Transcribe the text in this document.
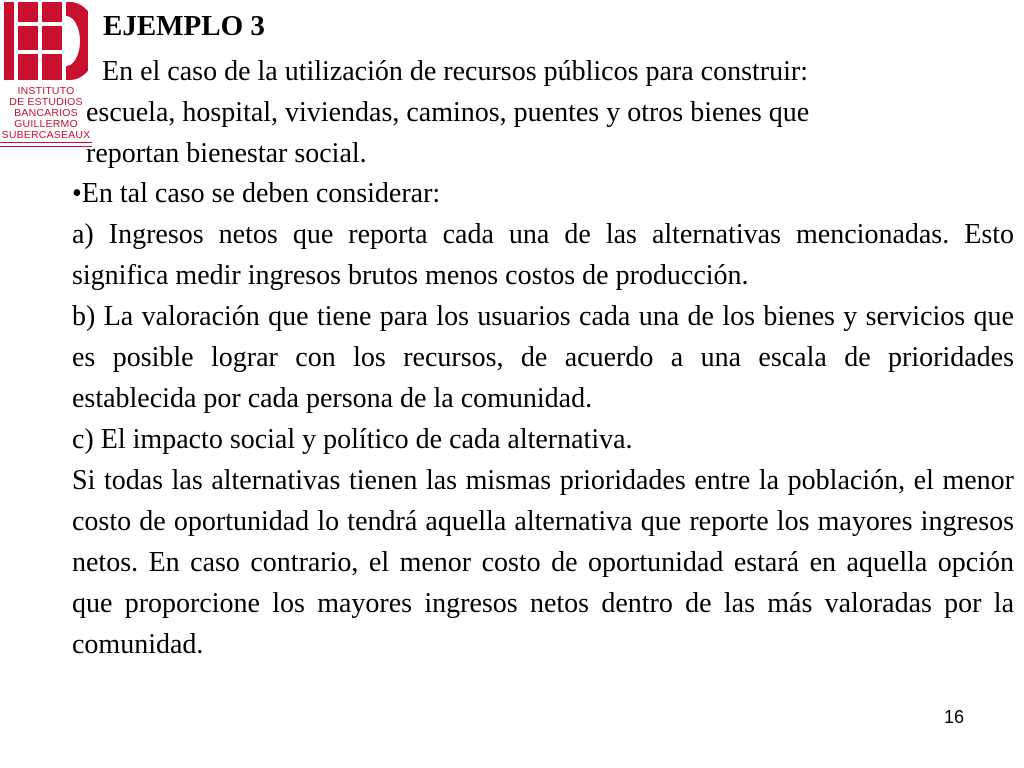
INSTITUTO
DE ESTUDIOS
BANCARIOS
GUILLERMO
SUBERCASEAUX
EJEMPLO 3

En el caso de la utilización de recursos públicos para construir:

escuela, hospital, viviendas, caminos, puentes y otros bienes que

reportan bienestar social.

•En tal caso se deben considerar:

a) Ingresos netos que reporta cada una de las alternativas mencionadas. Esto significa medir ingresos brutos menos costos de producción.

b) La valoración que tiene para los usuarios cada una de los bienes y servicios que es posible lograr con los recursos, de acuerdo a una escala de prioridades establecida por cada persona de la comunidad.

c) El impacto social y político de cada alternativa.

Si todas las alternativas tienen las mismas prioridades entre la población, el menor costo de oportunidad lo tendrá aquella alternativa que reporte los mayores ingresos netos. En caso contrario, el menor costo de oportunidad estará en aquella opción que proporcione los mayores ingresos netos dentro de las más valoradas por la comunidad.

16
